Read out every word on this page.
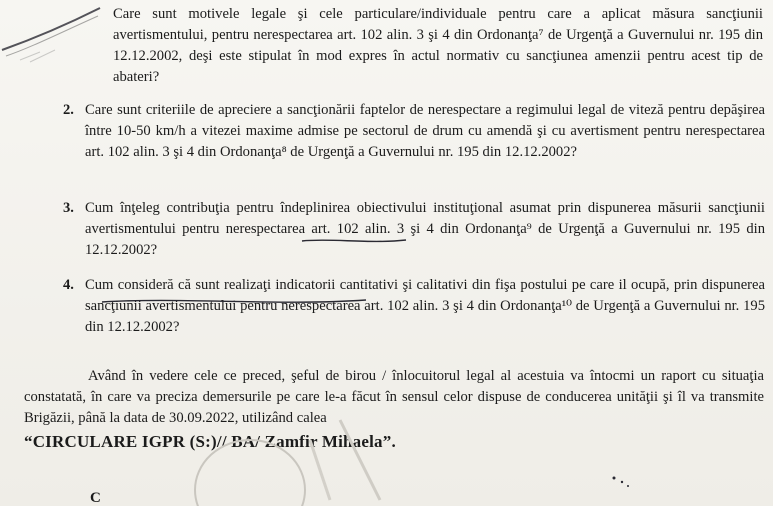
Care sunt motivele legale şi cele particulare/individuale pentru care a aplicat măsura sancţiunii avertismentului, pentru nerespectarea art. 102 alin. 3 şi 4 din Ordonanţa⁷ de Urgenţă a Guvernului nr. 195 din 12.12.2002, deşi este stipulat în mod expres în actul normativ cu sancţiunea amenzii pentru acest tip de abateri?
2. Care sunt criteriile de apreciere a sancţionării faptelor de nerespectare a regimului legal de viteză pentru depăşirea între 10-50 km/h a vitezei maxime admise pe sectorul de drum cu amendă şi cu avertisment pentru nerespectarea art. 102 alin. 3 şi 4 din Ordonanţa⁸ de Urgenţă a Guvernului nr. 195 din 12.12.2002?
3. Cum înţeleg contribuţia pentru îndeplinirea obiectivului instituţional asumat prin dispunerea măsurii sancţiunii avertismentului pentru nerespectarea art. 102 alin. 3 şi 4 din Ordonanţa⁹ de Urgenţă a Guvernului nr. 195 din 12.12.2002?
4. Cum consideră că sunt realizaţi indicatorii cantitativi şi calitativi din fişa postului pe care il ocupă, prin dispunerea sancţiunii avertismentului pentru nerespectarea art. 102 alin. 3 şi 4 din Ordonanţa¹⁰ de Urgenţă a Guvernului nr. 195 din 12.12.2002?
Având în vedere cele ce preced, şeful de birou / înlocuitorul legal al acestuia va întocmi un raport cu situaţia constatată, în care va preciza demersurile pe care le-a făcut în sensul celor dispuse de conducerea unităţii şi îl va transmite Brigăzii, până la data de 30.09.2022, utilizând calea
“CIRCULARE IGPR (S:)// BA/ Zamfir Mihaela”.
C
